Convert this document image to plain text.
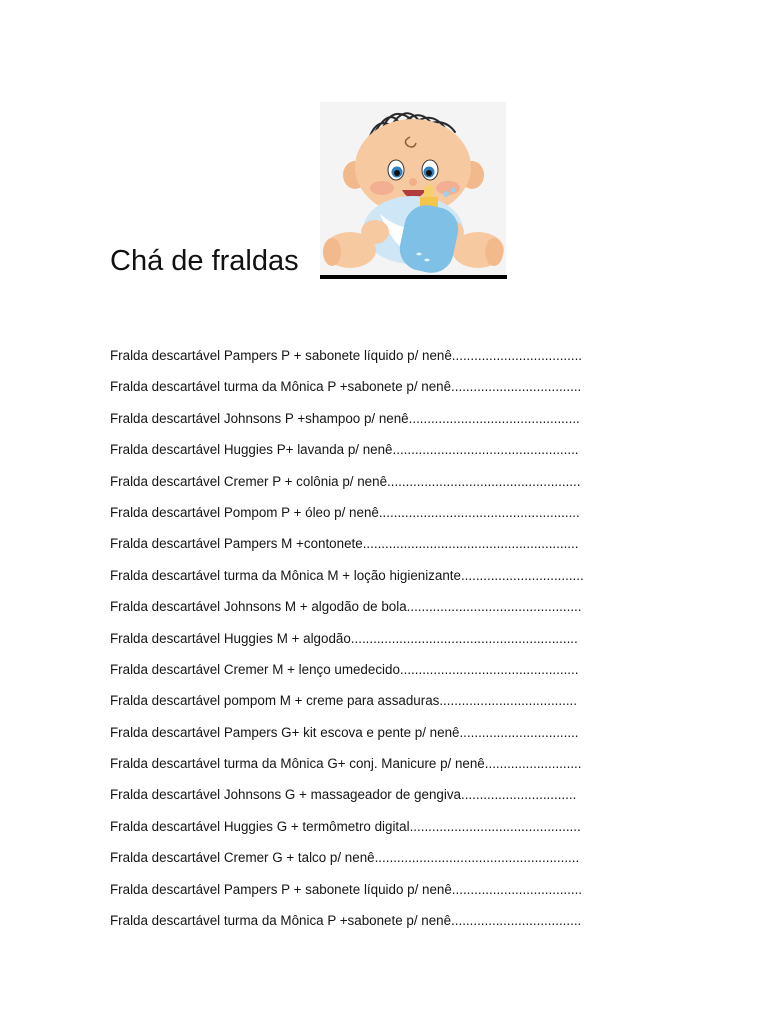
Chá de fraldas
Fralda descartável Pampers P + sabonete líquido p/ nenê...................................
Fralda descartável turma da Mônica P +sabonete p/ nenê...................................
Fralda descartável Johnsons P +shampoo p/ nenê..............................................
Fralda descartável Huggies P+ lavanda p/ nenê..................................................
Fralda descartável Cremer P + colônia p/ nenê....................................................
Fralda descartável Pompom P + óleo p/ nenê......................................................
Fralda descartável Pampers M +contonete..........................................................
Fralda descartável turma da Mônica M + loção higienizante.................................
Fralda descartável Johnsons M + algodão de bola...............................................
Fralda descartável Huggies M + algodão.............................................................
Fralda descartável Cremer M + lenço umedecido................................................
Fralda descartável pompom M + creme para assaduras.....................................
Fralda descartável Pampers G+ kit escova e pente p/ nenê................................
Fralda descartável turma da Mônica G+ conj. Manicure p/ nenê..........................
Fralda descartável Johnsons G + massageador de gengiva...............................
Fralda descartável Huggies G + termômetro digital..............................................
Fralda descartável Cremer G + talco p/ nenê.......................................................
Fralda descartável Pampers P + sabonete líquido p/ nenê...................................
Fralda descartável turma da Mônica P +sabonete p/ nenê...................................
